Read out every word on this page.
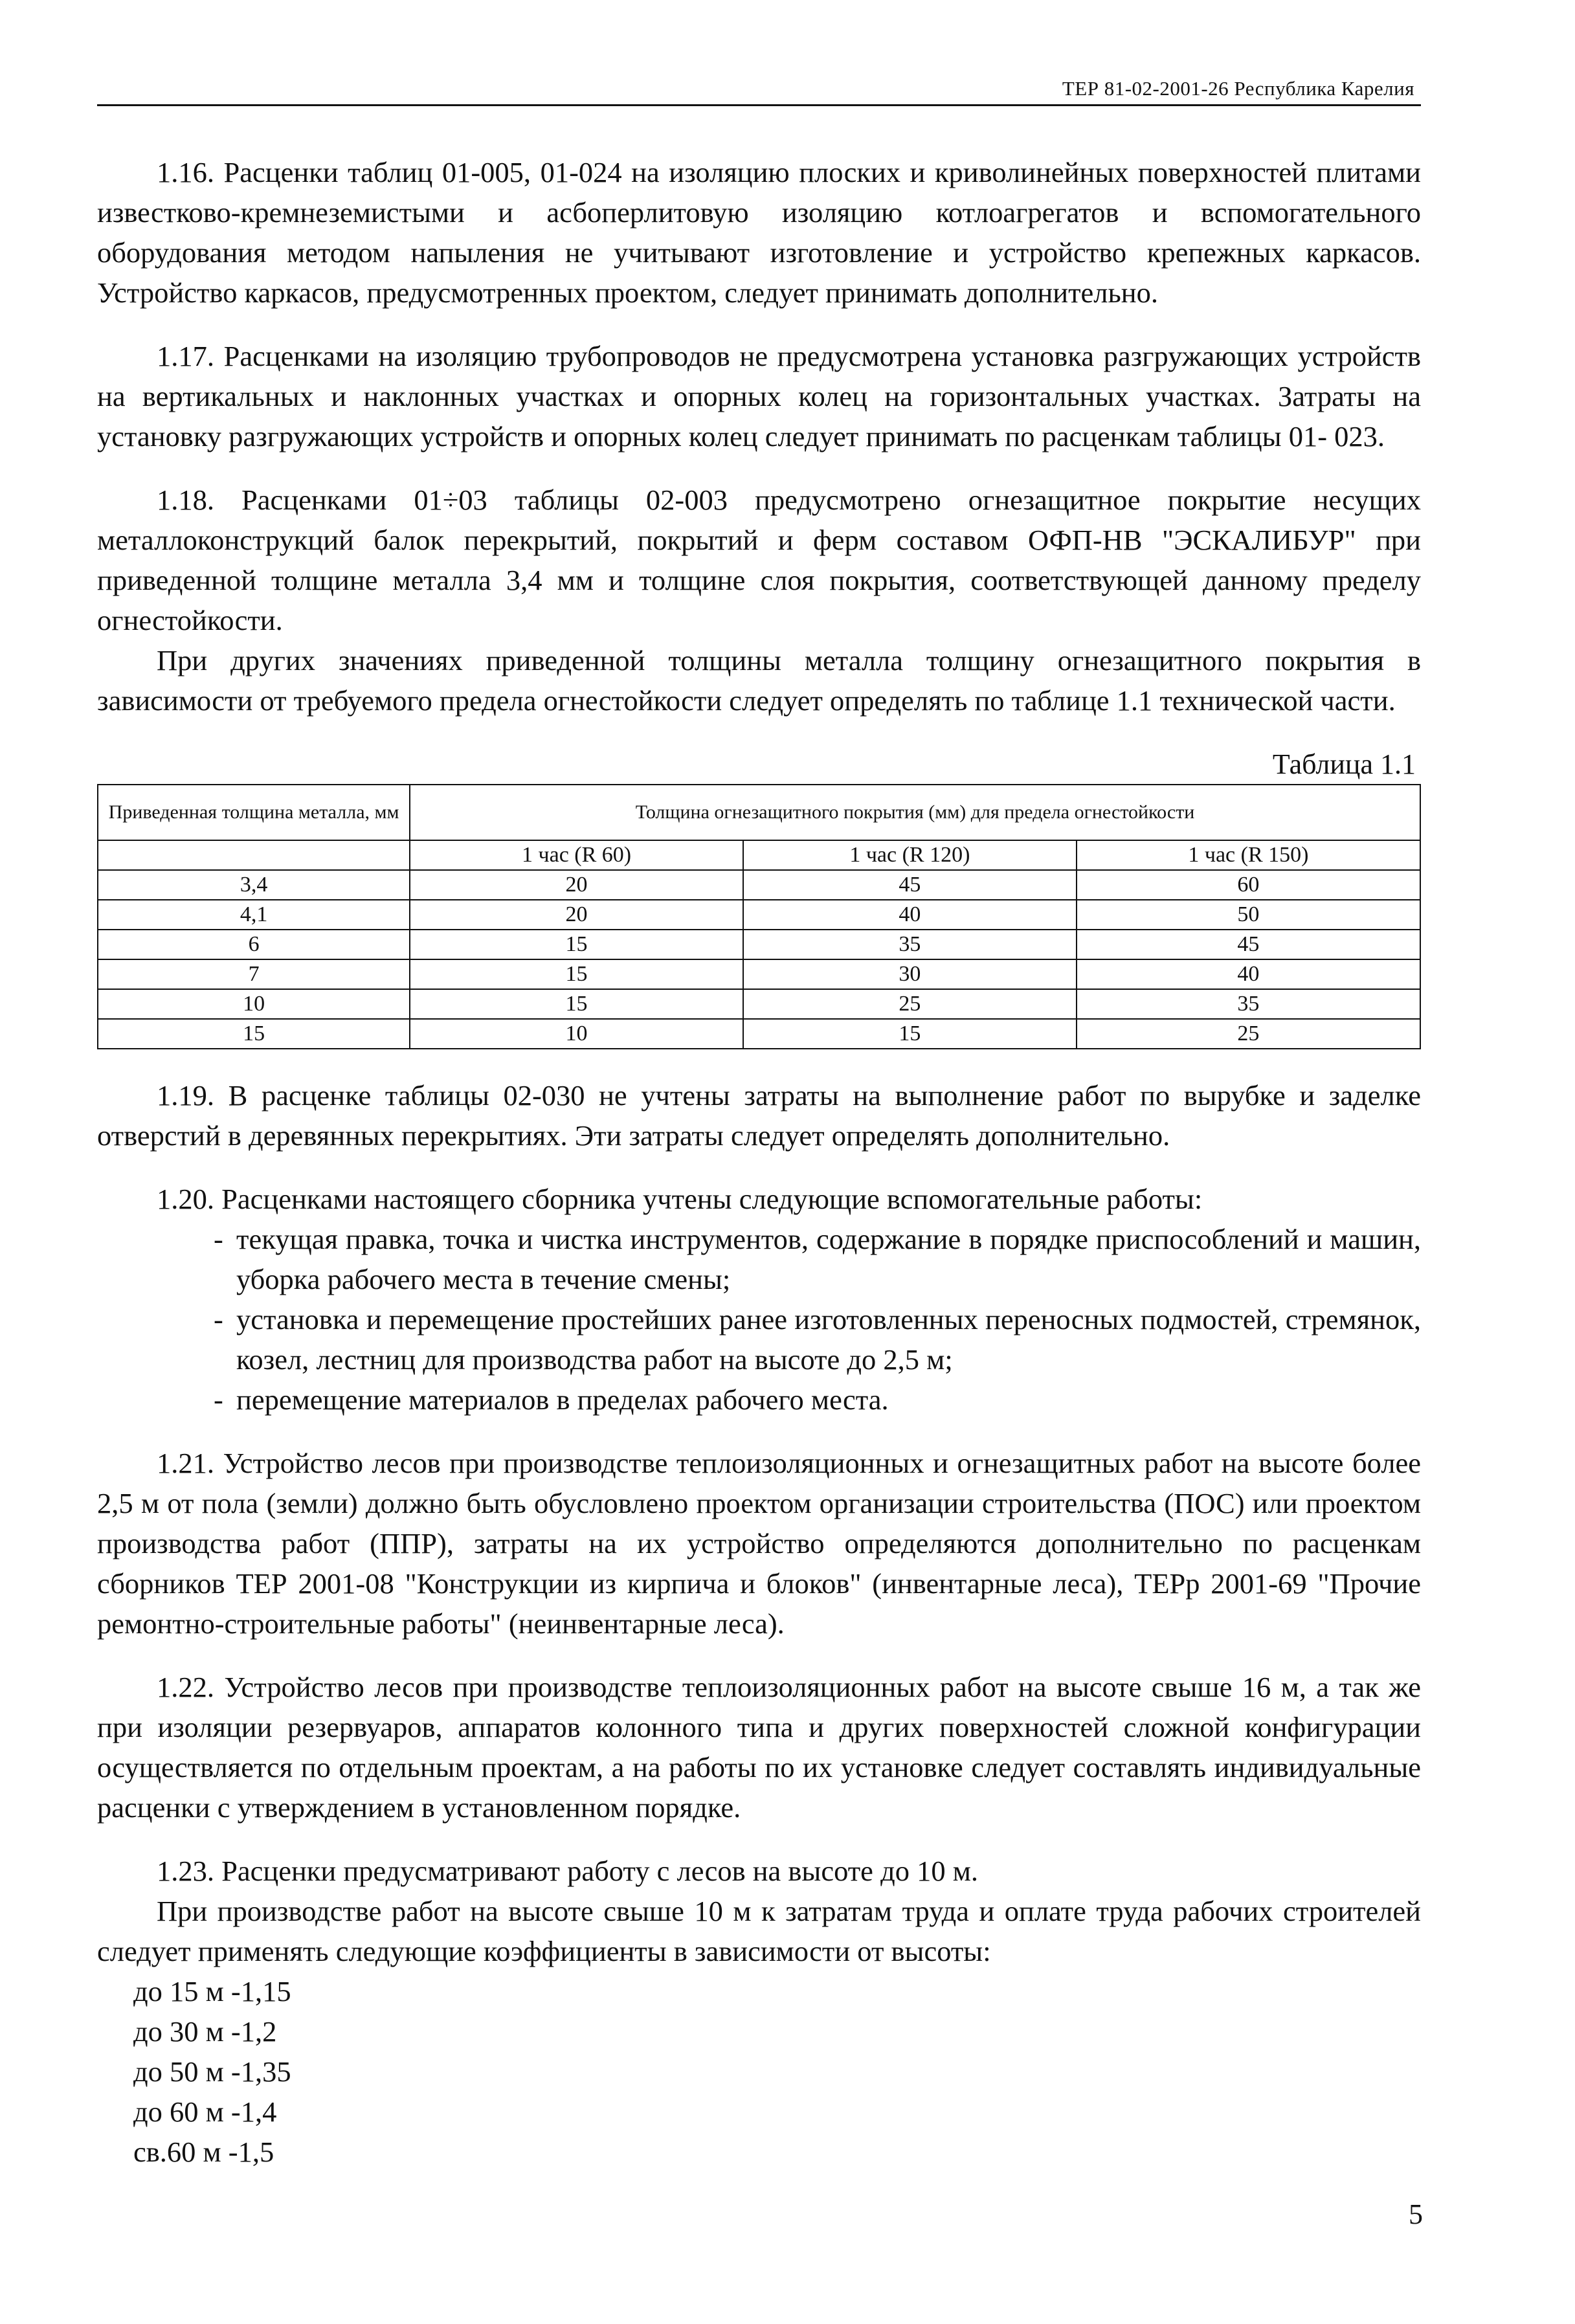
ТЕР 81-02-2001-26 Республика Карелия

1.16. Расценки таблиц 01-005, 01-024 на изоляцию плоских и криволинейных поверхностей плитами известково-кремнеземистыми и асбоперлитовую изоляцию котлоагрегатов и вспомогательного оборудования методом напыления не учитывают изготовление и устройство крепежных каркасов. Устройство каркасов, предусмотренных проектом, следует принимать дополнительно.

1.17. Расценками на изоляцию трубопроводов не предусмотрена установка разгружающих устройств на вертикальных и наклонных участках и опорных колец на горизонтальных участках. Затраты на установку разгружающих устройств и опорных колец следует принимать по расценкам таблицы 01- 023.

1.18. Расценками 01÷03 таблицы 02-003 предусмотрено огнезащитное покрытие несущих металлоконструкций балок перекрытий, покрытий и ферм составом ОФП-НВ "ЭСКАЛИБУР" при приведенной толщине металла 3,4 мм и толщине слоя покрытия, соответствующей данному пределу огнестойкости.

При других значениях приведенной толщины металла толщину огнезащитного покрытия в зависимости от требуемого предела огнестойкости следует определять по таблице 1.1 технической части.

Таблица 1.1
Приведенная толщина металла, мм	Толщина огнезащитного покрытия (мм) для предела огнестойкости		
	1 час (R 60)	1 час (R 120)	1 час (R 150)
3,4	20	45	60
4,1	20	40	50
6	15	35	45
7	15	30	40
10	15	25	35
15	10	15	25

1.19. В расценке таблицы 02-030 не учтены затраты на выполнение работ по вырубке и заделке отверстий в деревянных перекрытиях. Эти затраты следует определять дополнительно.

1.20. Расценками настоящего сборника учтены следующие вспомогательные работы:

- текущая правка, точка и чистка инструментов, содержание в порядке приспособлений и машин, уборка рабочего места в течение смены;
- установка и перемещение простейших ранее изготовленных переносных подмостей, стремянок, козел, лестниц для производства работ на высоте до 2,5 м;
- перемещение материалов в пределах рабочего места.

1.21. Устройство лесов при производстве теплоизоляционных и огнезащитных работ на высоте более 2,5 м от пола (земли) должно быть обусловлено проектом организации строительства (ПОС) или проектом производства работ (ППР), затраты на их устройство определяются дополнительно по расценкам сборников ТЕР 2001-08 "Конструкции из кирпича и блоков" (инвентарные леса), ТЕРр 2001-69 "Прочие ремонтно-строительные работы" (неинвентарные леса).

1.22. Устройство лесов при производстве теплоизоляционных работ на высоте свыше 16 м, а так же при изоляции резервуаров, аппаратов колонного типа и других поверхностей сложной конфигурации осуществляется по отдельным проектам, а на работы по их установке следует составлять индивидуальные расценки с утверждением в установленном порядке.

1.23. Расценки предусматривают работу с лесов на высоте до 10 м.

При производстве работ на высоте свыше 10 м к затратам труда и оплате труда рабочих строителей следует применять следующие коэффициенты в зависимости от высоты:

до 15 м -1,15
до 30 м -1,2
до 50 м -1,35
до 60 м -1,4
св.60 м -1,5
5
